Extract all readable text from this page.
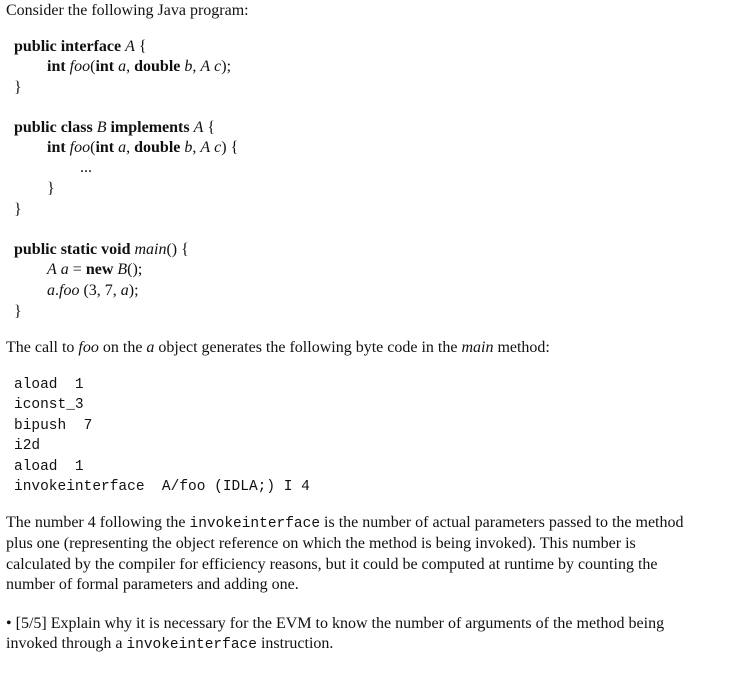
Consider the following Java program:
public interface A {
int foo(int a, double b, A c);
}
public class B implements A {
int foo(int a, double b, A c) {
...
}
}
public static void main() {
A a = new B();
a.foo (3, 7, a);
}
The call to foo on the a object generates the following byte code in the main method:
aload  1
iconst_3
bipush  7
i2d
aload  1
invokeinterface  A/foo (IDLA;) I 4
The number 4 following the invokeinterface is the number of actual parameters passed to the method plus one (representing the object reference on which the method is being invoked). This number is calculated by the compiler for efficiency reasons, but it could be computed at runtime by counting the number of formal parameters and adding one.
• [5/5] Explain why it is necessary for the EVM to know the number of arguments of the method being invoked through a invokeinterface instruction.
